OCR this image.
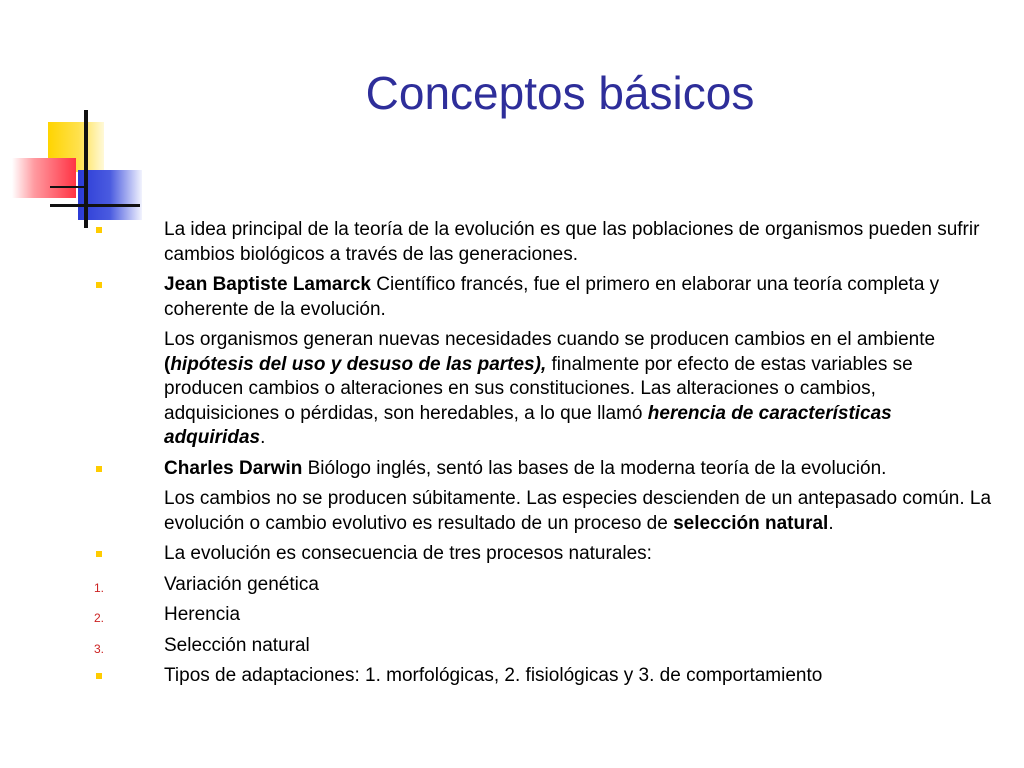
Conceptos básicos
La idea principal de la teoría de la evolución es que las poblaciones de organismos pueden sufrir cambios biológicos a través de las generaciones.
Jean Baptiste Lamarck Científico francés, fue el primero en elaborar una teoría completa y coherente de la evolución.
Los organismos generan nuevas necesidades cuando se producen cambios en el ambiente (hipótesis del uso y desuso de las partes), finalmente por efecto de estas variables se producen cambios o alteraciones en sus constituciones. Las alteraciones o cambios, adquisiciones o pérdidas, son heredables, a lo que llamó herencia de características adquiridas.
Charles Darwin Biólogo inglés, sentó las bases de la moderna teoría de la evolución.
Los cambios no se producen súbitamente. Las especies descienden de un antepasado común. La evolución o cambio evolutivo es resultado de un proceso de selección natural.
La evolución es consecuencia de tres procesos naturales:
1.	Variación genética
2.	Herencia
3.	Selección natural
Tipos de adaptaciones: 1. morfológicas, 2. fisiológicas y 3. de comportamiento
